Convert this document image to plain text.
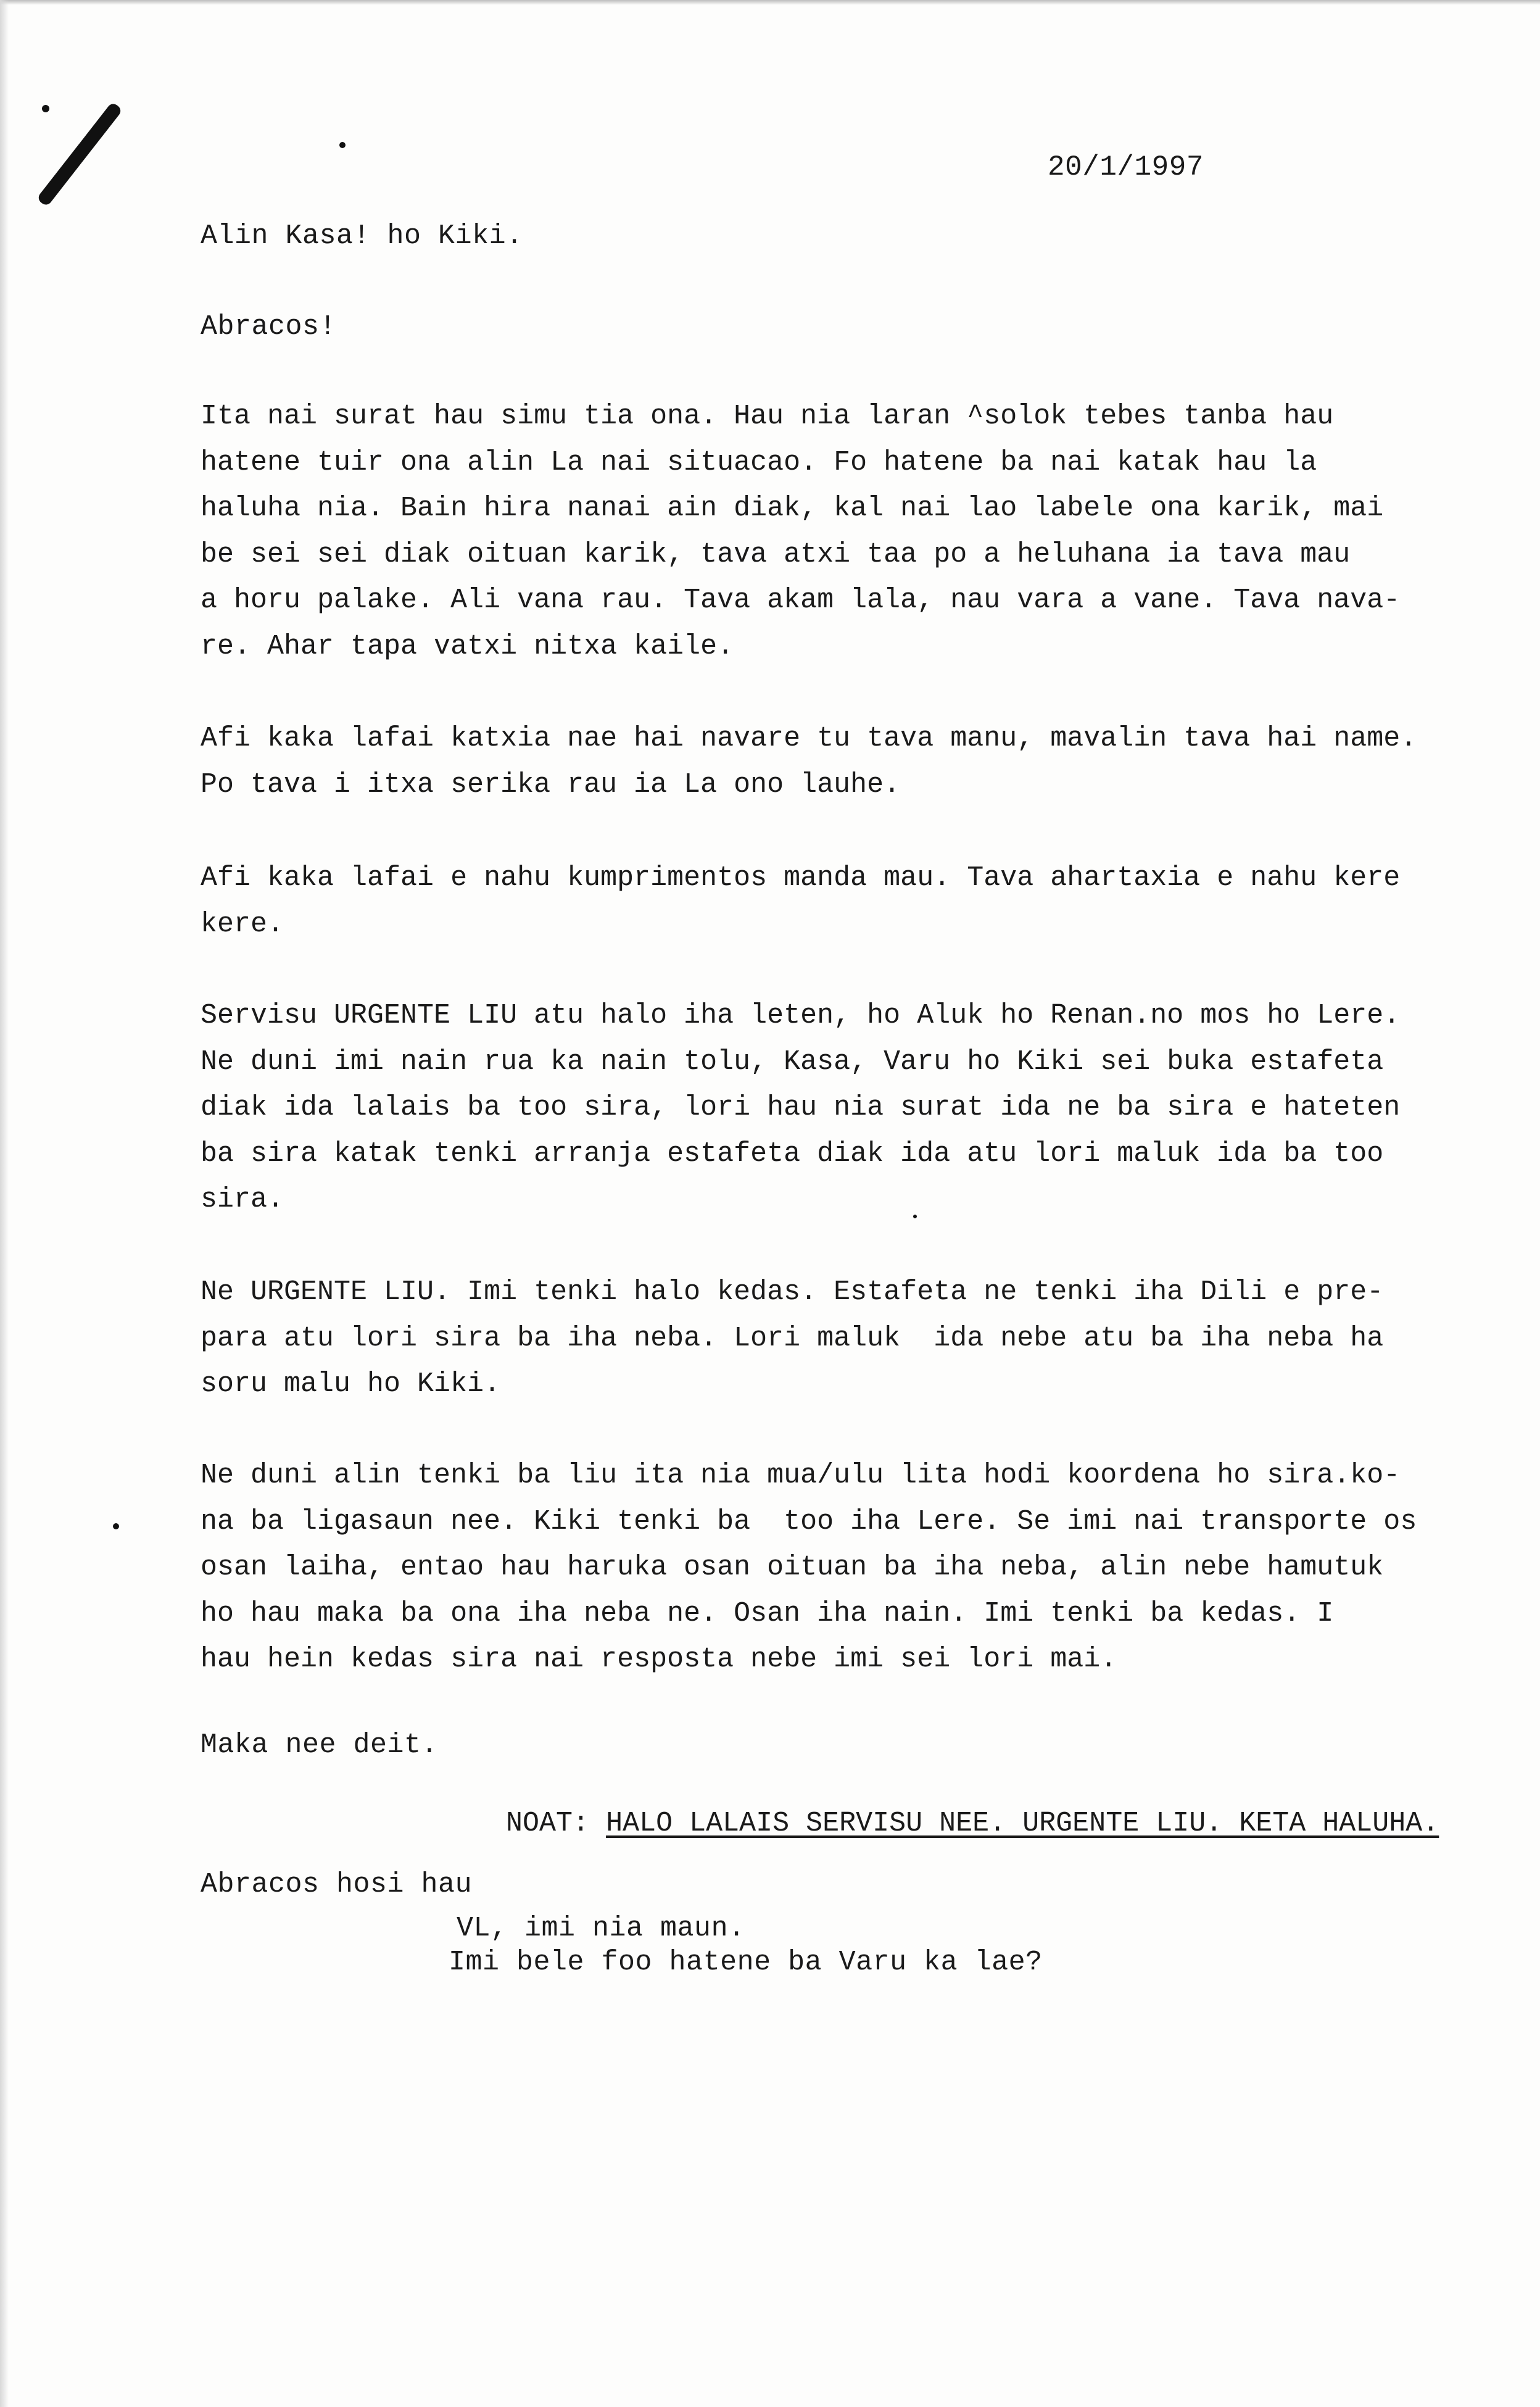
20/1/1997
Alin Kasa! ho Kiki.
Abracos!
Ita nai surat hau simu tia ona. Hau nia laran ^solok tebes tanba hau
hatene tuir ona alin La nai situacao. Fo hatene ba nai katak hau la
haluha nia. Bain hira nanai ain diak, kal nai lao labele ona karik, mai
be sei sei diak oituan karik, tava atxi taa po a heluhana ia tava mau
a horu palake. Ali vana rau. Tava akam lala, nau vara a vane. Tava nava-
re. Ahar tapa vatxi nitxa kaile.
Afi kaka lafai katxia nae hai navare tu tava manu, mavalin tava hai name.
Po tava i itxa serika rau ia La ono lauhe.
Afi kaka lafai e nahu kumprimentos manda mau. Tava ahartaxia e nahu kere
kere.
Servisu URGENTE LIU atu halo iha leten, ho Aluk ho Renan.no mos ho Lere.
Ne duni imi nain rua ka nain tolu, Kasa, Varu ho Kiki sei buka estafeta
diak ida lalais ba too sira, lori hau nia surat ida ne ba sira e hateten
ba sira katak tenki arranja estafeta diak ida atu lori maluk ida ba too
sira.
Ne URGENTE LIU. Imi tenki halo kedas. Estafeta ne tenki iha Dili e pre-
para atu lori sira ba iha neba. Lori maluk  ida nebe atu ba iha neba ha
soru malu ho Kiki.
Ne duni alin tenki ba liu ita nia mua/ulu lita hodi koordena ho sira.ko-
na ba ligasaun nee. Kiki tenki ba  too iha Lere. Se imi nai transporte os
osan laiha, entao hau haruka osan oituan ba iha neba, alin nebe hamutuk
ho hau maka ba ona iha neba ne. Osan iha nain. Imi tenki ba kedas. I
hau hein kedas sira nai resposta nebe imi sei lori mai.
Maka nee deit.

NOAT: HALO LALAIS SERVISU NEE. URGENTE LIU. KETA HALUHA.

Abracos hosi hau
VL, imi nia maun.
Imi bele foo hatene ba Varu ka lae?
